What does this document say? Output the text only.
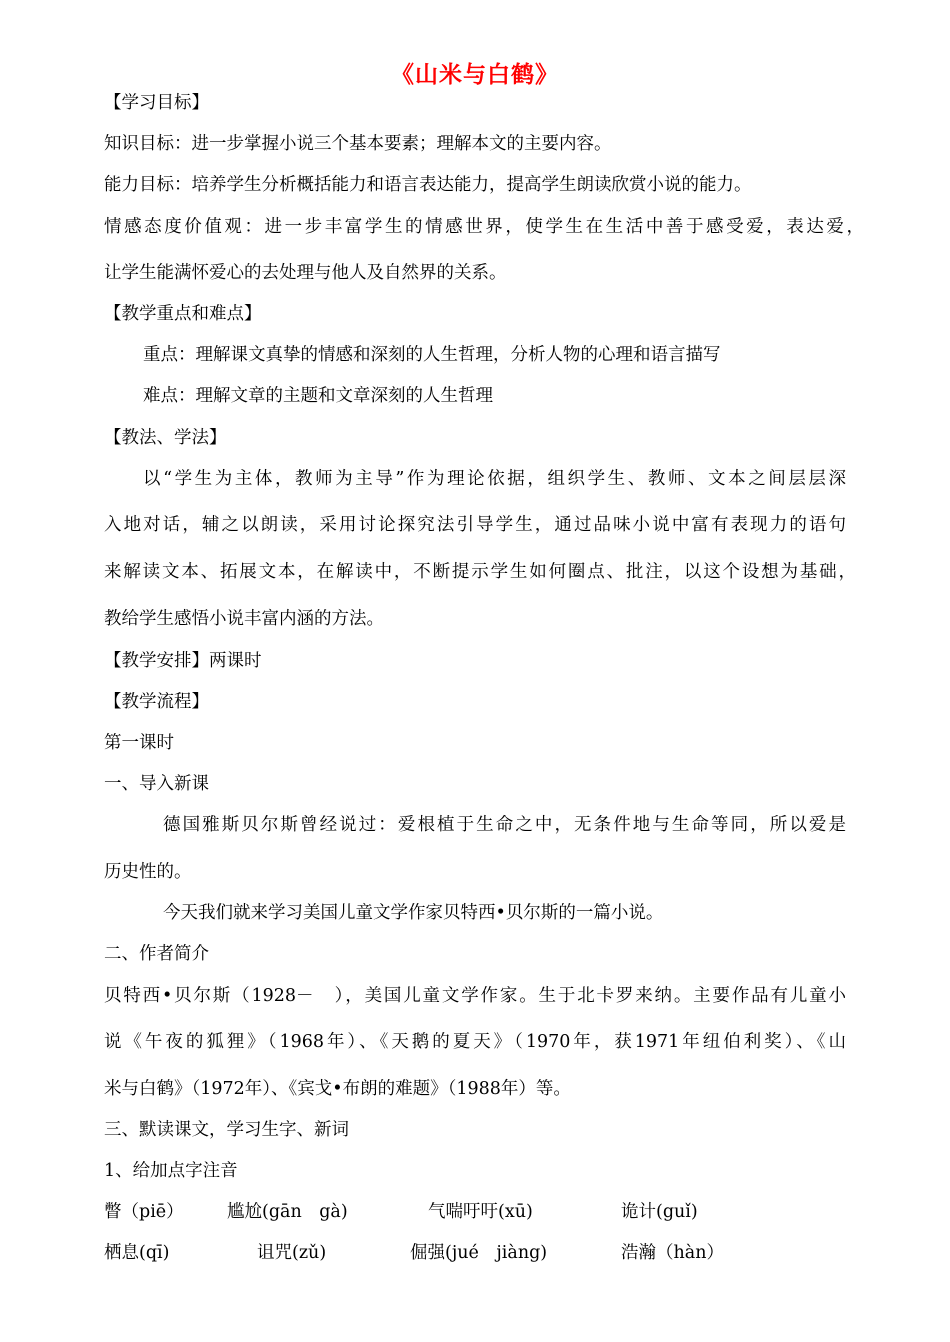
《山米与白鹤》
【学习目标】
知识目标：进一步掌握小说三个基本要素；理解本文的主要内容。
能力目标：培养学生分析概括能力和语言表达能力，提高学生朗读欣赏小说的能力。
情感态度价值观：进一步丰富学生的情感世界，使学生在生活中善于感受爱，表达爱，
让学生能满怀爱心的去处理与他人及自然界的关系。
【教学重点和难点】
重点：理解课文真挚的情感和深刻的人生哲理，分析人物的心理和语言描写
难点：理解文章的主题和文章深刻的人生哲理
【教法、学法】
以“学生为主体，教师为主导”作为理论依据，组织学生、教师、文本之间层层深
入地对话，辅之以朗读，采用讨论探究法引导学生，通过品味小说中富有表现力的语句
来解读文本、拓展文本，在解读中，不断提示学生如何圈点、批注，以这个设想为基础，
教给学生感悟小说丰富内涵的方法。
【教学安排】两课时
【教学流程】
第一课时
一、导入新课
德国雅斯贝尔斯曾经说过：爱根植于生命之中，无条件地与生命等同，所以爱是
历史性的。
今天我们就来学习美国儿童文学作家贝特西•贝尔斯的一篇小说。
二、作者简介
贝特西•贝尔斯（1928－　），美国儿童文学作家。生于北卡罗来纳。主要作品有儿童小
说《午夜的狐狸》（1968年）、《天鹅的夏天》（1970年，获1971年纽伯利奖）、《山
米与白鹤》（1972年）、《宾戈•布朗的难题》（1988年）等。
三、默读课文，学习生字、新词
1、给加点字注音
瞥（piē） 尴尬(gān　gà)	气喘吁吁(xū)	诡计(guǐ)
栖息(qī)	诅咒(zǔ)	倔强(jué　jiàng)	浩瀚（hàn）
